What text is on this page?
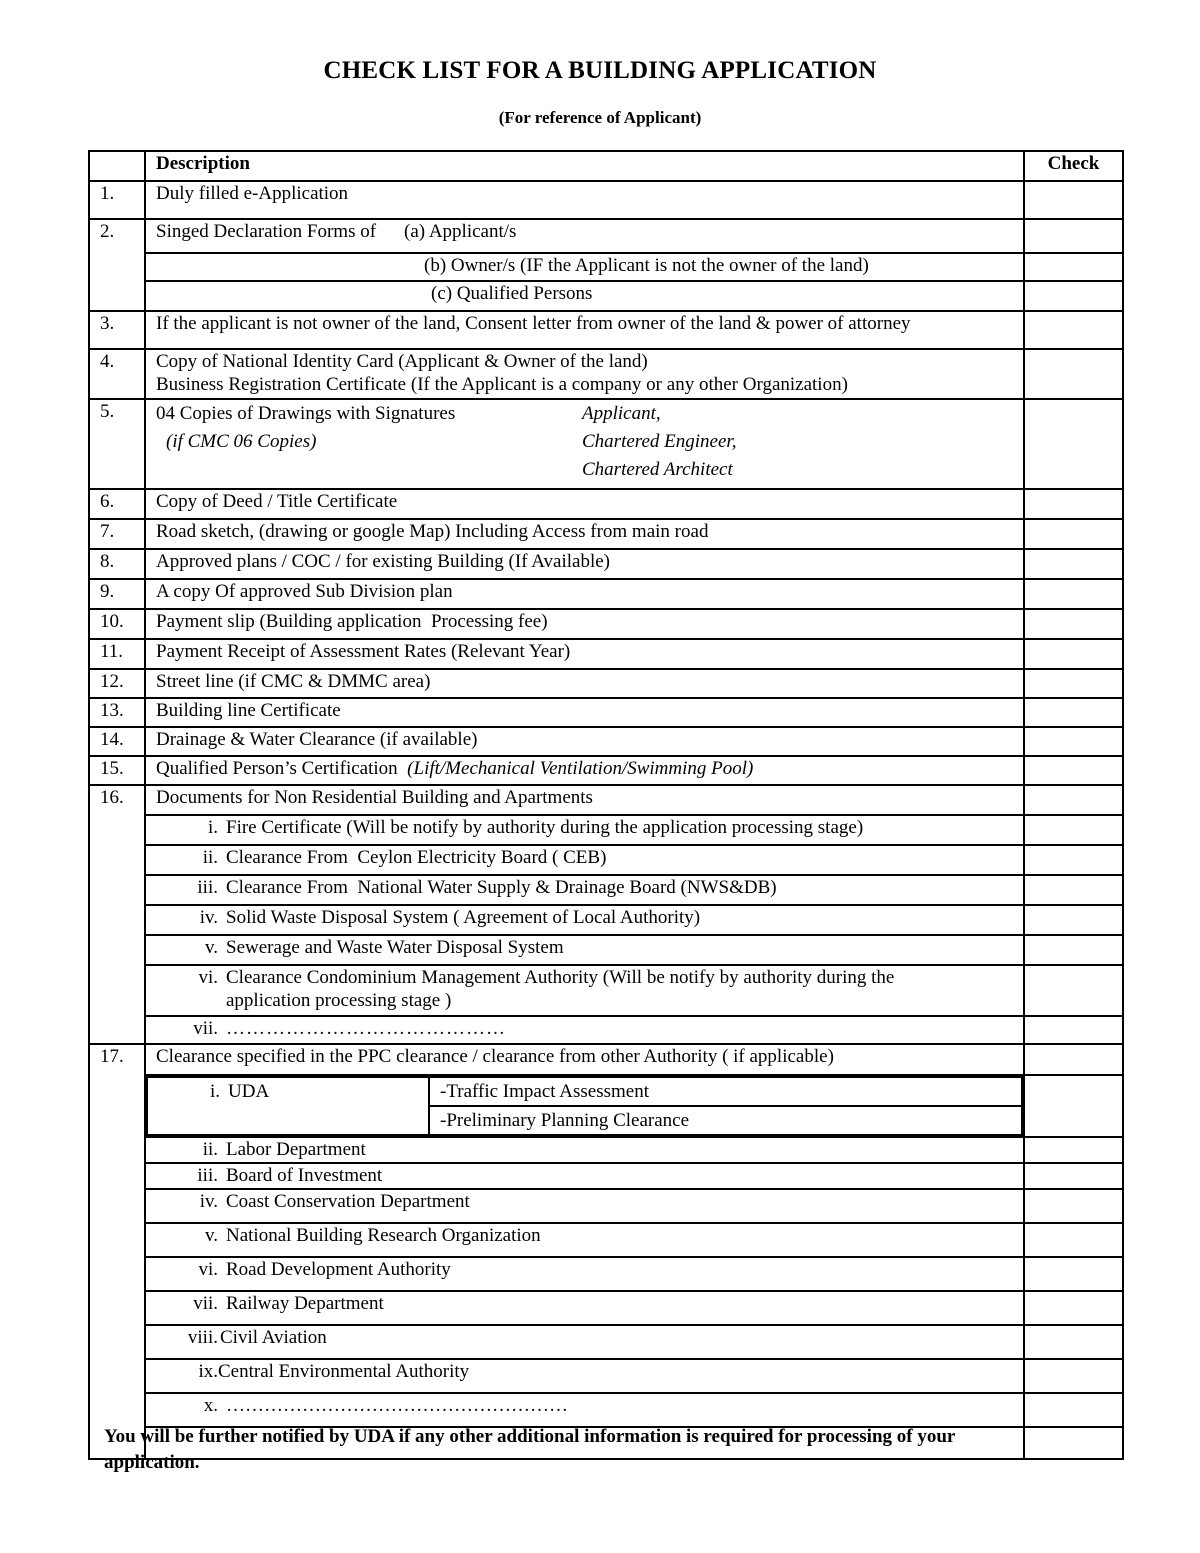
CHECK LIST FOR A BUILDING APPLICATION
(For reference of Applicant)
	Description	Check
1.	Duly filled e-Application	
2.	Singed Declaration Forms of (a) Applicant/s	
	(b) Owner/s (IF the Applicant is not the owner of the land)	
	(c) Qualified Persons	
3.	If the applicant is not owner of the land, Consent letter from owner of the land & power of attorney	
4.	Copy of National Identity Card (Applicant & Owner of the land)
Business Registration Certificate (If the Applicant is a company or any other Organization)

5.	04 Copies of Drawings with Signatures
(if CMC 06 Copies)
Applicant,
Chartered Engineer,
Chartered Architect

6.	Copy of Deed / Title Certificate	
7.	Road sketch, (drawing or google Map) Including Access from main road	
8.	Approved plans / COC / for existing Building (If Available)	
9.	A copy Of approved Sub Division plan	
10.	Payment slip (Building application  Processing fee)	
11.	Payment Receipt of Assessment Rates (Relevant Year)	
12.	Street line (if CMC & DMMC area)	
13.	Building line Certificate	
14.	Drainage & Water Clearance (if available)	
15.	Qualified Person’s Certification (Lift/Mechanical Ventilation/Swimming Pool)	
16.	Documents for Non Residential Building and Apartments	
	i. Fire Certificate (Will be notify by authority during the application processing stage)	
	ii. Clearance From  Ceylon Electricity Board ( CEB)	
	iii. Clearance From  National Water Supply & Drainage Board (NWS&DB)	
	iv. Solid Waste Disposal System ( Agreement of Local Authority)	
	v. Sewerage and Waste Water Disposal System	

vi. Clearance Condominium Management Authority (Will be notify by authority during the
application processing stage )

	vii. ……………………………………	
17.	Clearance specified in the PPC clearance / clearance from other Authority ( if applicable)	

i. UDA	-Traffic Impact Assessment
-Preliminary Planning Clearance

	ii. Labor Department	
	iii. Board of Investment	
	iv. Coast Conservation Department	
	v. National Building Research Organization	
	vi. Road Development Authority	
	vii. Railway Department	
	viii. Civil Aviation	
	ix.Central Environmental Authority	
	x. ………………………………………………	

You will be further notified by UDA if any other additional information is required for processing of your application.
